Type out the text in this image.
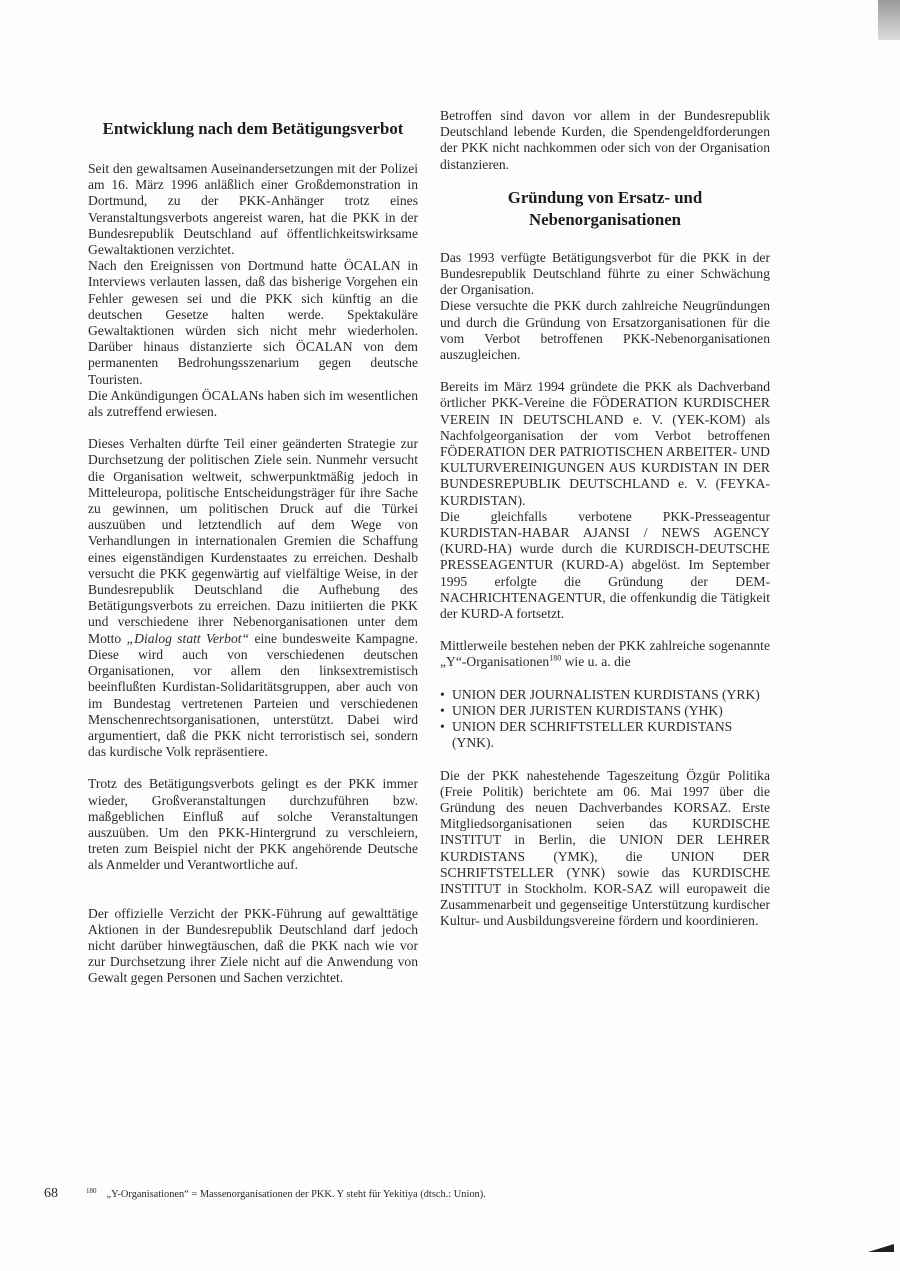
Entwicklung nach dem Betätigungsverbot

Seit den gewaltsamen Auseinandersetzungen mit der Polizei am 16. März 1996 anläßlich einer Großdemonstration in Dortmund, zu der PKK-Anhänger trotz eines Veranstaltungsverbots angereist waren, hat die PKK in der Bundesrepublik Deutschland auf öffentlichkeitswirksame Gewaltaktionen verzichtet.

Nach den Ereignissen von Dortmund hatte ÖCALAN in Interviews verlauten lassen, daß das bisherige Vorgehen ein Fehler gewesen sei und die PKK sich künftig an die deutschen Gesetze halten werde. Spektakuläre Gewaltaktionen würden sich nicht mehr wiederholen. Darüber hinaus distanzierte sich ÖCALAN von dem permanenten Bedrohungsszenarium gegen deutsche Touristen.

Die Ankündigungen ÖCALANs haben sich im wesentlichen als zutreffend erwiesen.

Dieses Verhalten dürfte Teil einer geänderten Strategie zur Durchsetzung der politischen Ziele sein. Nunmehr versucht die Organisation weltweit, schwerpunktmäßig jedoch in Mitteleuropa, politische Entscheidungsträger für ihre Sache zu gewinnen, um politischen Druck auf die Türkei auszuüben und letztendlich auf dem Wege von Verhandlungen in internationalen Gremien die Schaffung eines eigenständigen Kurdenstaates zu erreichen. Deshalb versucht die PKK gegenwärtig auf vielfältige Weise, in der Bundesrepublik Deutschland die Aufhebung des Betätigungsverbots zu erreichen. Dazu initiierten die PKK und verschiedene ihrer Nebenorganisationen unter dem Motto „Dialog statt Verbot“ eine bundesweite Kampagne. Diese wird auch von verschiedenen deutschen Organisationen, vor allem den linksextremistisch beeinflußten Kurdistan-Solidaritätsgruppen, aber auch von im Bundestag vertretenen Parteien und verschiedenen Menschenrechtsorganisationen, unterstützt. Dabei wird argumentiert, daß die PKK nicht terroristisch sei, sondern das kurdische Volk repräsentiere.

Trotz des Betätigungsverbots gelingt es der PKK immer wieder, Großveranstaltungen durchzuführen bzw. maßgeblichen Einfluß auf solche Veranstaltungen auszuüben. Um den PKK-Hintergrund zu verschleiern, treten zum Beispiel nicht der PKK angehörende Deutsche als Anmelder und Verantwortliche auf.

Der offizielle Verzicht der PKK-Führung auf gewalttätige Aktionen in der Bundesrepublik Deutschland darf jedoch nicht darüber hinwegtäuschen, daß die PKK nach wie vor zur Durchsetzung ihrer Ziele nicht auf die Anwendung von Gewalt gegen Personen und Sachen verzichtet.

Betroffen sind davon vor allem in der Bundesrepublik Deutschland lebende Kurden, die Spendengeldforderungen der PKK nicht nachkommen oder sich von der Organisation distanzieren.

Gründung von Ersatz- und
Nebenorganisationen

Das 1993 verfügte Betätigungsverbot für die PKK in der Bundesrepublik Deutschland führte zu einer Schwächung der Organisation.

Diese versuchte die PKK durch zahlreiche Neugründungen und durch die Gründung von Ersatzorganisationen für die vom Verbot betroffenen PKK-Nebenorganisationen auszugleichen.

Bereits im März 1994 gründete die PKK als Dachverband örtlicher PKK-Vereine die FÖDERATION KURDISCHER VEREIN IN DEUTSCHLAND e. V. (YEK-KOM) als Nachfolgeorganisation der vom Verbot betroffenen FÖDERATION DER PATRIOTISCHEN ARBEITER- UND KULTURVEREINIGUNGEN AUS KURDISTAN IN DER BUNDESREPUBLIK DEUTSCHLAND e. V. (FEYKA-KURDISTAN).

Die gleichfalls verbotene PKK-Presseagentur KURDISTAN-HABAR AJANSI / NEWS AGENCY (KURD-HA) wurde durch die KURDISCH-DEUTSCHE PRESSEAGENTUR (KURD-A) abgelöst. Im September 1995 erfolgte die Gründung der DEM-NACHRICHTENAGENTUR, die offenkundig die Tätigkeit der KURD-A fortsetzt.

Mittlerweile bestehen neben der PKK zahlreiche sogenannte „Y“-Organisationen$^{180}$ wie u. a. die

• UNION DER JOURNALISTEN KURDISTANS (YRK)
• UNION DER JURISTEN KURDISTANS (YHK)
• UNION DER SCHRIFTSTELLER KURDISTANS (YNK).

Die der PKK nahestehende Tageszeitung Özgür Politika (Freie Politik) berichtete am 06. Mai 1997 über die Gründung des neuen Dachverbandes KORSAZ. Erste Mitgliedsorganisationen seien das KURDISCHE INSTITUT in Berlin, die UNION DER LEHRER KURDISTANS (YMK), die UNION DER SCHRIFTSTELLER (YNK) sowie das KURDISCHE INSTITUT in Stockholm. KOR-SAZ will europaweit die Zusammenarbeit und gegenseitige Unterstützung kurdischer Kultur- und Ausbildungsvereine fördern und koordinieren.

68	$^{180}$ „Y-Organisationen“ = Massenorganisationen der PKK. Y steht für Yekitiya (dtsch.: Union).
